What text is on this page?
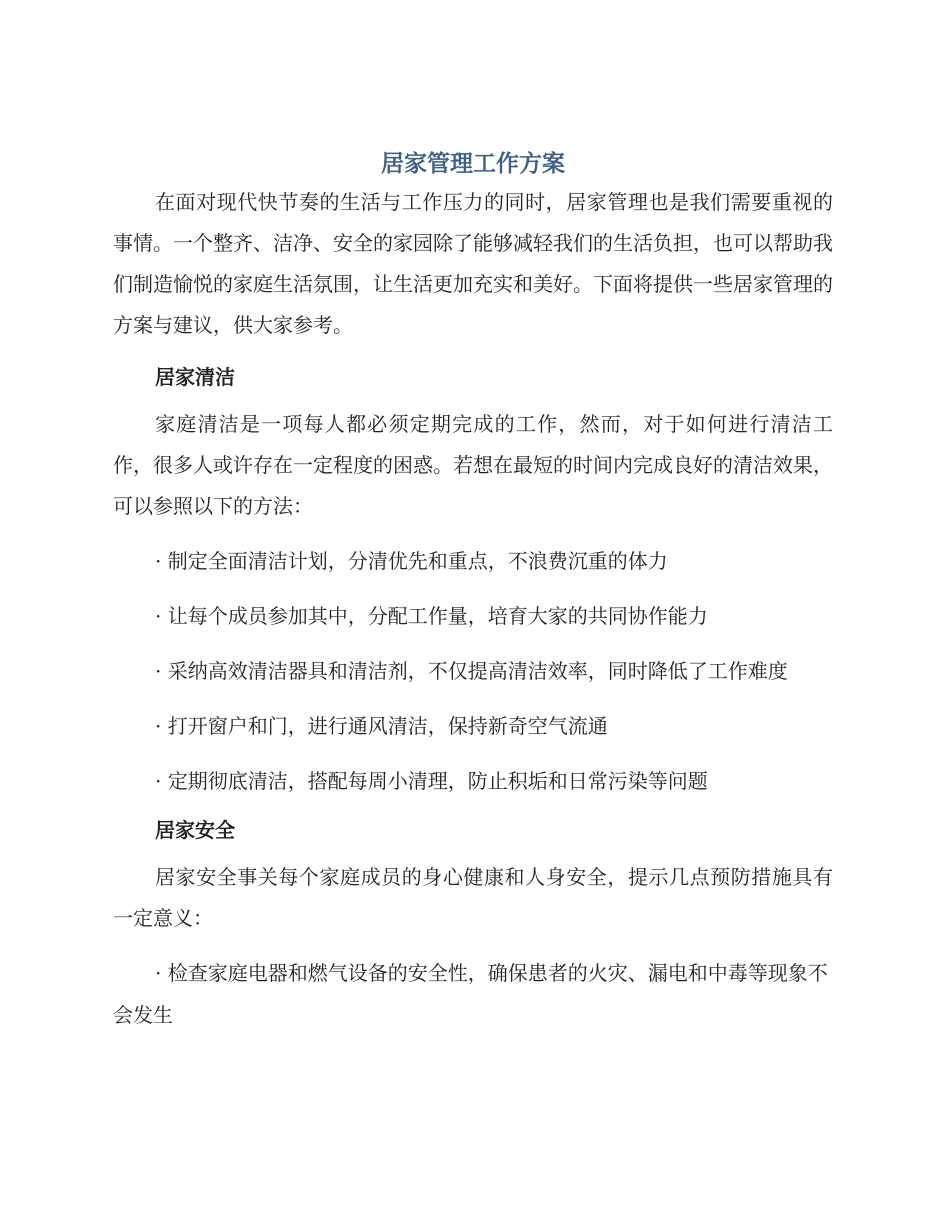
居家管理工作方案

在面对现代快节奏的生活与工作压力的同时，居家管理也是我们需要重视的事情。一个整齐、洁净、安全的家园除了能够减轻我们的生活负担，也可以帮助我们制造愉悦的家庭生活氛围，让生活更加充实和美好。下面将提供一些居家管理的方案与建议，供大家参考。

居家清洁

家庭清洁是一项每人都必须定期完成的工作，然而，对于如何进行清洁工作，很多人或许存在一定程度的困惑。若想在最短的时间内完成良好的清洁效果，可以参照以下的方法：

· 制定全面清洁计划，分清优先和重点，不浪费沉重的体力

· 让每个成员参加其中，分配工作量，培育大家的共同协作能力

· 采纳高效清洁器具和清洁剂，不仅提高清洁效率，同时降低了工作难度

· 打开窗户和门，进行通风清洁，保持新奇空气流通

· 定期彻底清洁，搭配每周小清理，防止积垢和日常污染等问题

居家安全

居家安全事关每个家庭成员的身心健康和人身安全，提示几点预防措施具有一定意义：

· 检查家庭电器和燃气设备的安全性，确保患者的火灾、漏电和中毒等现象不会发生
